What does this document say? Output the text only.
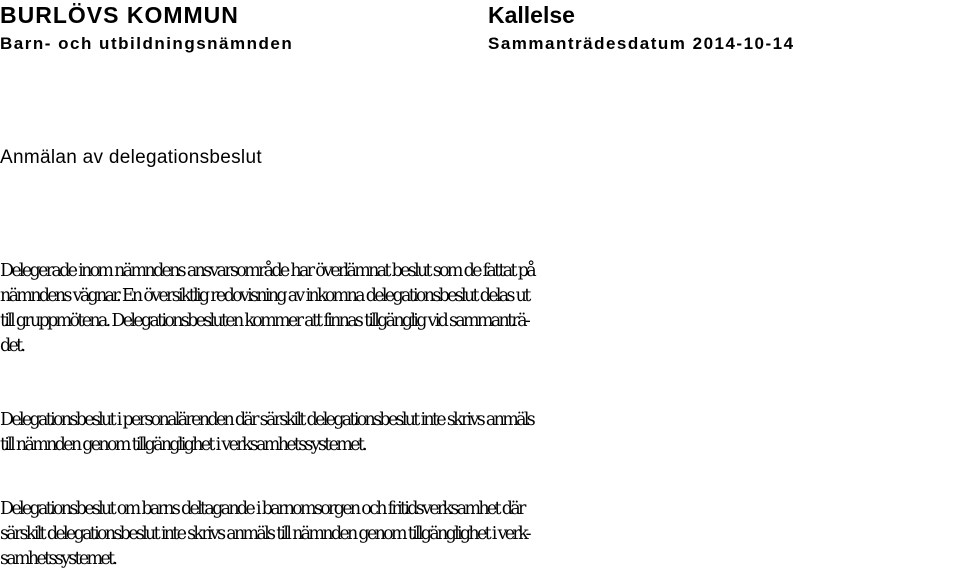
BURLÖVS KOMMUN
Barn- och utbildningsnämnden
Kallelse
Sammanträdesdatum 2014-10-14
Anmälan av delegationsbeslut
Delegerade inom nämndens ansvarsområde har överlämnat beslut som de fattat på
nämndens vägnar. En översiktlig redovisning av inkomna delegationsbeslut delas ut
till gruppmötena. Delegationsbesluten kommer att finnas tillgänglig vid sammanträ-
det.
Delegationsbeslut i personalärenden där särskilt delegationsbeslut inte skrivs anmäls
till nämnden genom tillgänglighet i verksamhetssystemet.
Delegationsbeslut om barns deltagande i barnomsorgen och fritidsverksamhet där
särskilt delegationsbeslut inte skrivs anmäls till nämnden genom tillgänglighet i verk-
samhetssystemet.
